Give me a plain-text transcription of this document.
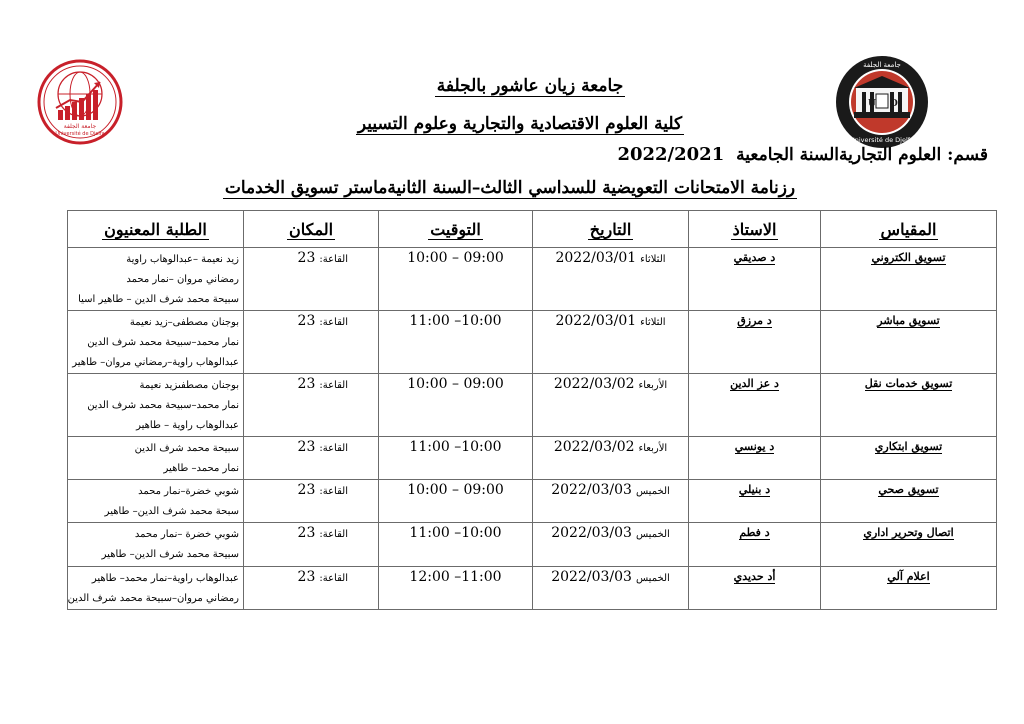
جامعة الجلفة
Université de Djelfa
U D
جامعة الجلفة
Université de Djelfa
جامعة زيان عاشور بالجلفة
كلية العلوم الاقتصادية والتجارية وعلوم التسيير
قسم: العلوم التجاريةالسنة الجامعية 2022/2021
رزنامة الامتحانات التعويضية للسداسي الثالث–السنة الثانيةماستر تسويق الخدمات
المقياس	الاستاذ	التاريخ	التوقيت	المكان	الطلبة المعنيون
تسويق الكتروني	د صديقي	الثلاثاء2022/03/01	09:00 – 10:00	القاعة:23	زيد نعيمة –عبدالوهاب راوية
رمضاني مروان –نمار محمد
سبيحة محمد شرف الدين – طاهير اسيا

تسويق مباشر	د مرزق	الثلاثاء2022/03/01	10:00– 11:00	القاعة:23	بوجنان مصطفى–زيد نعيمة
نمار محمد–سبيحة محمد شرف الدين
عبدالوهاب راوية–رمضاني مروان– طاهير

تسويق خدمات نقل	د عز الدين	الأربعاء2022/03/02	09:00 – 10:00	القاعة:23	بوجنان مصطفىزيد نعيمة
نمار محمد–سبيحة محمد شرف الدين
عبدالوهاب راوية – طاهير

تسويق ابتكاري	د يونسي	الأربعاء2022/03/02	10:00– 11:00	القاعة:23	سبيحة محمد شرف الدين
نمار محمد– طاهير

تسويق صحي	د بنيلي	الخميس2022/03/03	09:00 – 10:00	القاعة:23	شوبي خضرة–نمار محمد
سبحة محمد شرف الدين– طاهير

اتصال وتحرير اداري	د فطم	الخميس2022/03/03	10:00– 11:00	القاعة:23	شوبي خضرة –نمار محمد
سبيحة محمد شرف الدين– طاهير

اعلام آلي	أد حديدي	الخميس2022/03/03	11:00– 12:00	القاعة:23	عبدالوهاب راوية–نمار محمد– طاهير
رمضاني مروان–سبيحة محمد شرف الدين
